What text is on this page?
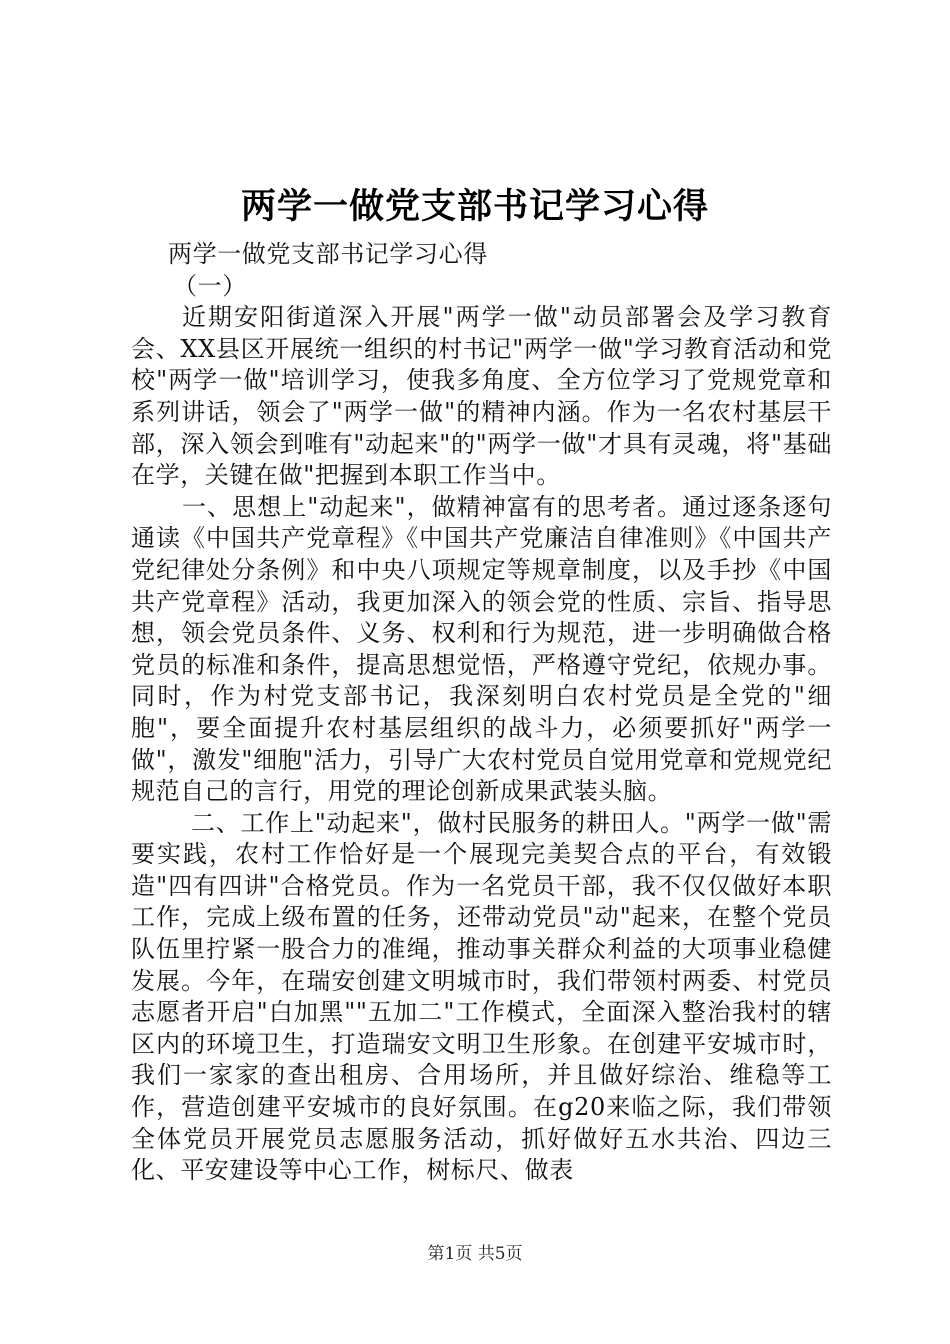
两学一做党支部书记学习心得

两学一做党支部书记学习心得

（一）

近期安阳街道深入开展"两学一做"动员部署会及学习教育会、XX县区开展统一组织的村书记"两学一做"学习教育活动和党校"两学一做"培训学习，使我多角度、全方位学习了党规党章和系列讲话，领会了"两学一做"的精神内涵。作为一名农村基层干部，深入领会到唯有"动起来"的"两学一做"才具有灵魂，将"基础在学，关键在做"把握到本职工作当中。

一、思想上"动起来"，做精神富有的思考者。通过逐条逐句通读《中国共产党章程》《中国共产党廉洁自律准则》《中国共产党纪律处分条例》和中央八项规定等规章制度，以及手抄《中国共产党章程》活动，我更加深入的领会党的性质、宗旨、指导思想，领会党员条件、义务、权利和行为规范，进一步明确做合格党员的标准和条件，提高思想觉悟，严格遵守党纪，依规办事。同时，作为村党支部书记，我深刻明白农村党员是全党的"细胞"，要全面提升农村基层组织的战斗力，必须要抓好"两学一做"，激发"细胞"活力，引导广大农村党员自觉用党章和党规党纪规范自己的言行，用党的理论创新成果武装头脑。

二、工作上"动起来"，做村民服务的耕田人。"两学一做"需要实践，农村工作恰好是一个展现完美契合点的平台，有效锻造"四有四讲"合格党员。作为一名党员干部，我不仅仅做好本职工作，完成上级布置的任务，还带动党员"动"起来，在整个党员队伍里拧紧一股合力的准绳，推动事关群众利益的大项事业稳健发展。今年，在瑞安创建文明城市时，我们带领村两委、村党员志愿者开启"白加黑""五加二"工作模式，全面深入整治我村的辖区内的环境卫生，打造瑞安文明卫生形象。在创建平安城市时，我们一家家的查出租房、合用场所，并且做好综治、维稳等工作，营造创建平安城市的良好氛围。在g20来临之际，我们带领全体党员开展党员志愿服务活动，抓好做好五水共治、四边三化、平安建设等中心工作，树标尺、做表

第1页 共5页
